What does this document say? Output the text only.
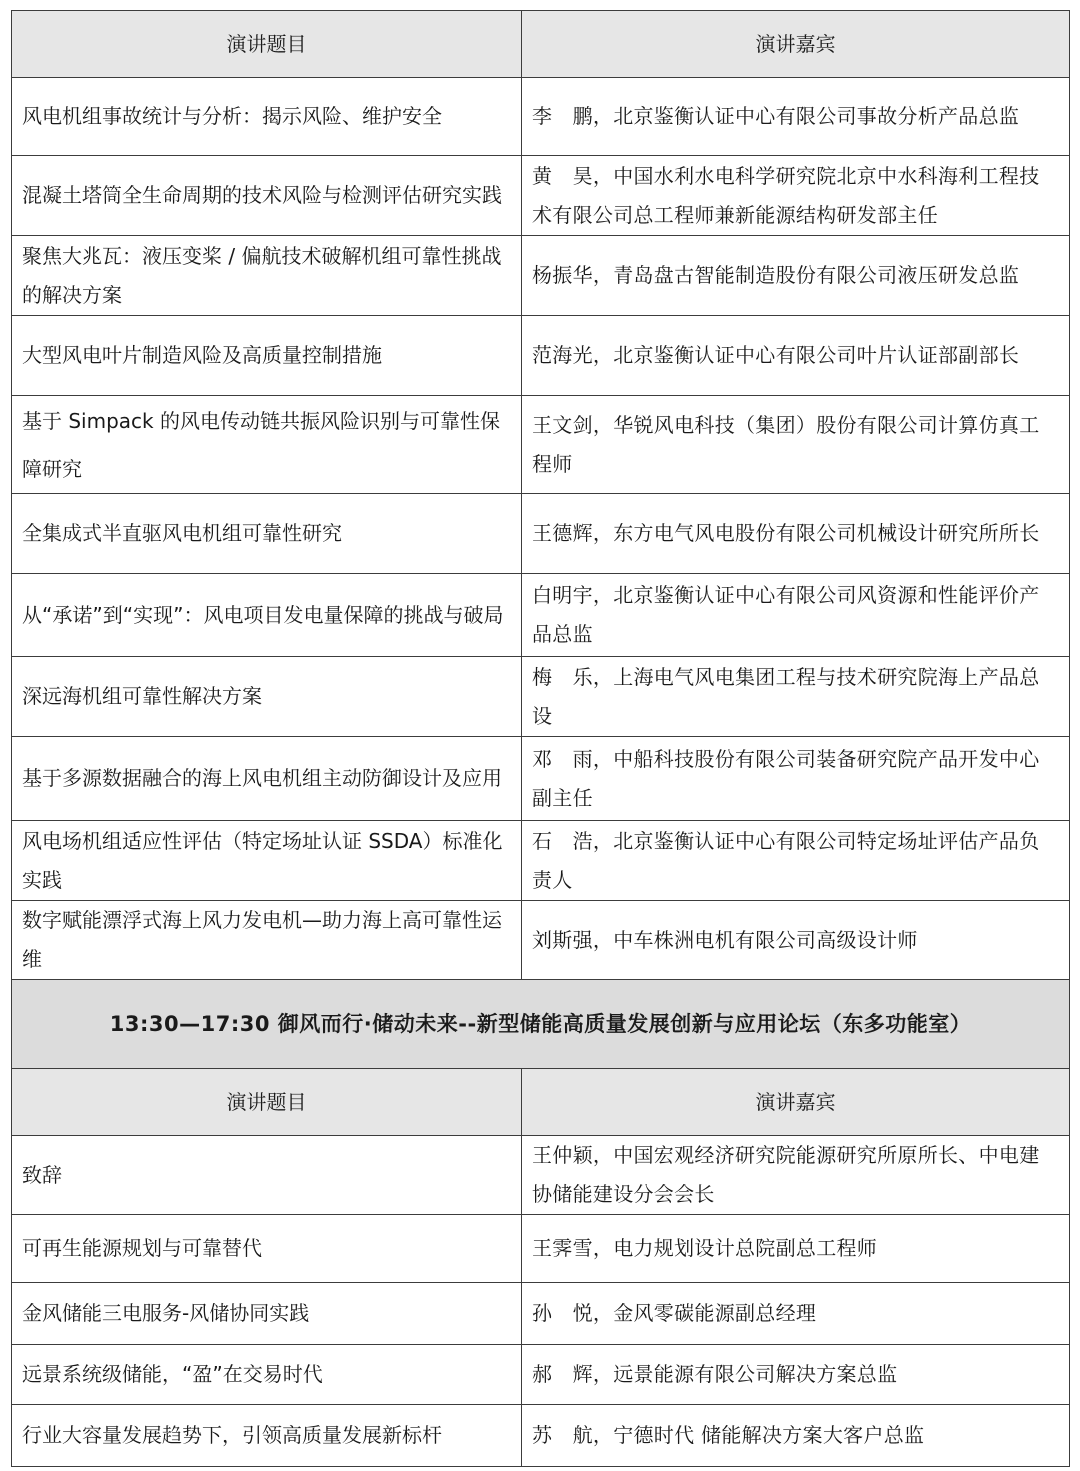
演讲题目	演讲嘉宾
风电机组事故统计与分析：揭示风险、维护安全	李　鹏，北京鉴衡认证中心有限公司事故分析产品总监
混凝土塔筒全生命周期的技术风险与检测评估研究实践	黄　昊，中国水利水电科学研究院北京中水科海利工程技术有限公司总工程师兼新能源结构研发部主任
聚焦大兆瓦：液压变桨 / 偏航技术破解机组可靠性挑战的解决方案	杨振华，青岛盘古智能制造股份有限公司液压研发总监
大型风电叶片制造风险及高质量控制措施	范海光，北京鉴衡认证中心有限公司叶片认证部副部长
基于 Simpack 的风电传动链共振风险识别与可靠性保障研究	王文剑，华锐风电科技（集团）股份有限公司计算仿真工程师
全集成式半直驱风电机组可靠性研究	王德辉，东方电气风电股份有限公司机械设计研究所所长
从“承诺”到“实现”：风电项目发电量保障的挑战与破局	白明宇，北京鉴衡认证中心有限公司风资源和性能评价产品总监
深远海机组可靠性解决方案	梅　乐，上海电气风电集团工程与技术研究院海上产品总设
基于多源数据融合的海上风电机组主动防御设计及应用	邓　雨，中船科技股份有限公司装备研究院产品开发中心副主任
风电场机组适应性评估（特定场址认证 SSDA）标准化实践	石　浩，北京鉴衡认证中心有限公司特定场址评估产品负责人
数字赋能漂浮式海上风力发电机—助力海上高可靠性运维	刘斯强，中车株洲电机有限公司高级设计师
13:30—17:30 御风而行·储动未来--新型储能高质量发展创新与应用论坛（东多功能室）	
演讲题目	演讲嘉宾
致辞	王仲颖，中国宏观经济研究院能源研究所原所长、中电建协储能建设分会会长
可再生能源规划与可靠替代	王霁雪，电力规划设计总院副总工程师
金风储能三电服务-风储协同实践	孙　悦，金风零碳能源副总经理
远景系统级储能，“盈”在交易时代	郝　辉，远景能源有限公司解决方案总监
行业大容量发展趋势下，引领高质量发展新标杆	苏　航，宁德时代 储能解决方案大客户总监
